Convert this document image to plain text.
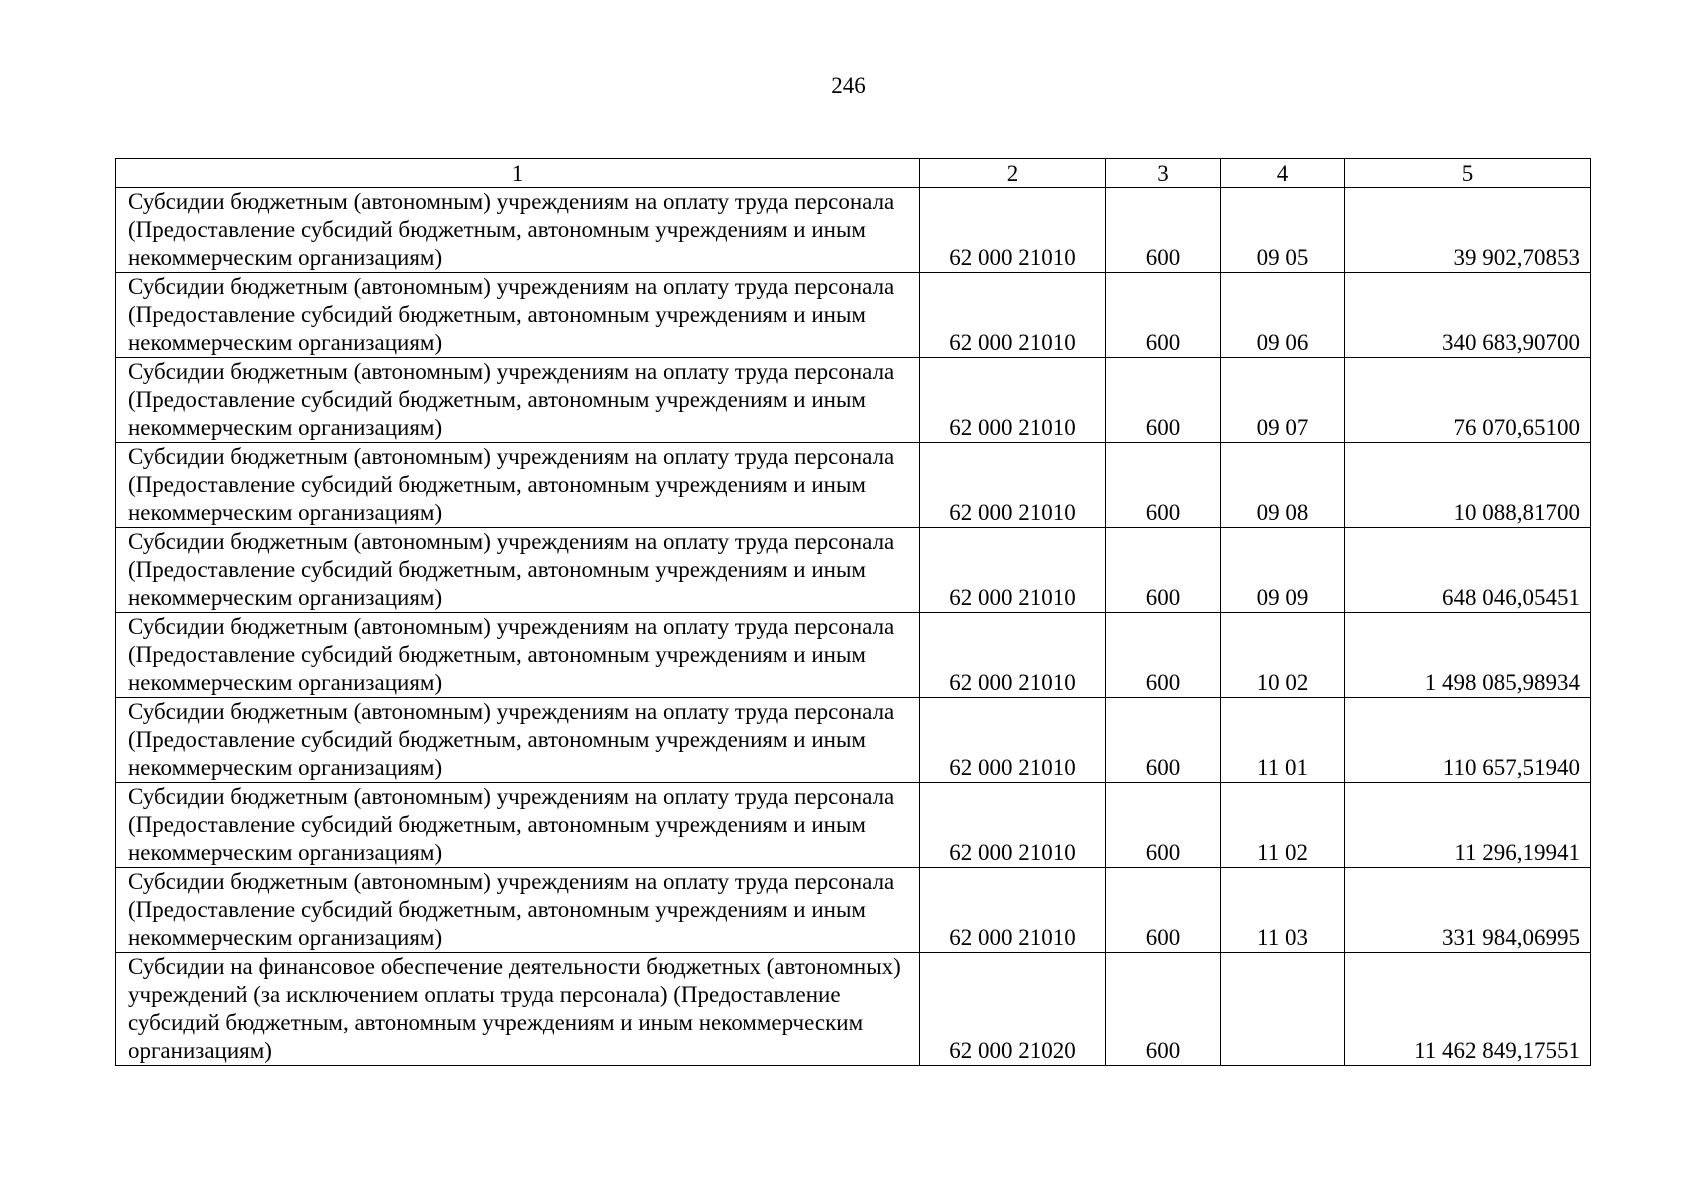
246
1	2	3	4	5
Субсидии бюджетным (автономным) учреждениям на оплату труда персонала (Предоставление субсидий бюджетным, автономным учреждениям и иным некоммерческим организациям)	62 000 21010	600	09 05	39 902,70853
Субсидии бюджетным (автономным) учреждениям на оплату труда персонала (Предоставление субсидий бюджетным, автономным учреждениям и иным некоммерческим организациям)	62 000 21010	600	09 06	340 683,90700
Субсидии бюджетным (автономным) учреждениям на оплату труда персонала (Предоставление субсидий бюджетным, автономным учреждениям и иным некоммерческим организациям)	62 000 21010	600	09 07	76 070,65100
Субсидии бюджетным (автономным) учреждениям на оплату труда персонала (Предоставление субсидий бюджетным, автономным учреждениям и иным некоммерческим организациям)	62 000 21010	600	09 08	10 088,81700
Субсидии бюджетным (автономным) учреждениям на оплату труда персонала (Предоставление субсидий бюджетным, автономным учреждениям и иным некоммерческим организациям)	62 000 21010	600	09 09	648 046,05451
Субсидии бюджетным (автономным) учреждениям на оплату труда персонала (Предоставление субсидий бюджетным, автономным учреждениям и иным некоммерческим организациям)	62 000 21010	600	10 02	1 498 085,98934
Субсидии бюджетным (автономным) учреждениям на оплату труда персонала (Предоставление субсидий бюджетным, автономным учреждениям и иным некоммерческим организациям)	62 000 21010	600	11 01	110 657,51940
Субсидии бюджетным (автономным) учреждениям на оплату труда персонала (Предоставление субсидий бюджетным, автономным учреждениям и иным некоммерческим организациям)	62 000 21010	600	11 02	11 296,19941
Субсидии бюджетным (автономным) учреждениям на оплату труда персонала (Предоставление субсидий бюджетным, автономным учреждениям и иным некоммерческим организациям)	62 000 21010	600	11 03	331 984,06995
Субсидии на финансовое обеспечение деятельности бюджетных (автономных) учреждений (за исключением оплаты труда персонала) (Предоставление субсидий бюджетным, автономным учреждениям и иным некоммерческим организациям)	62 000 21020	600		11 462 849,17551
